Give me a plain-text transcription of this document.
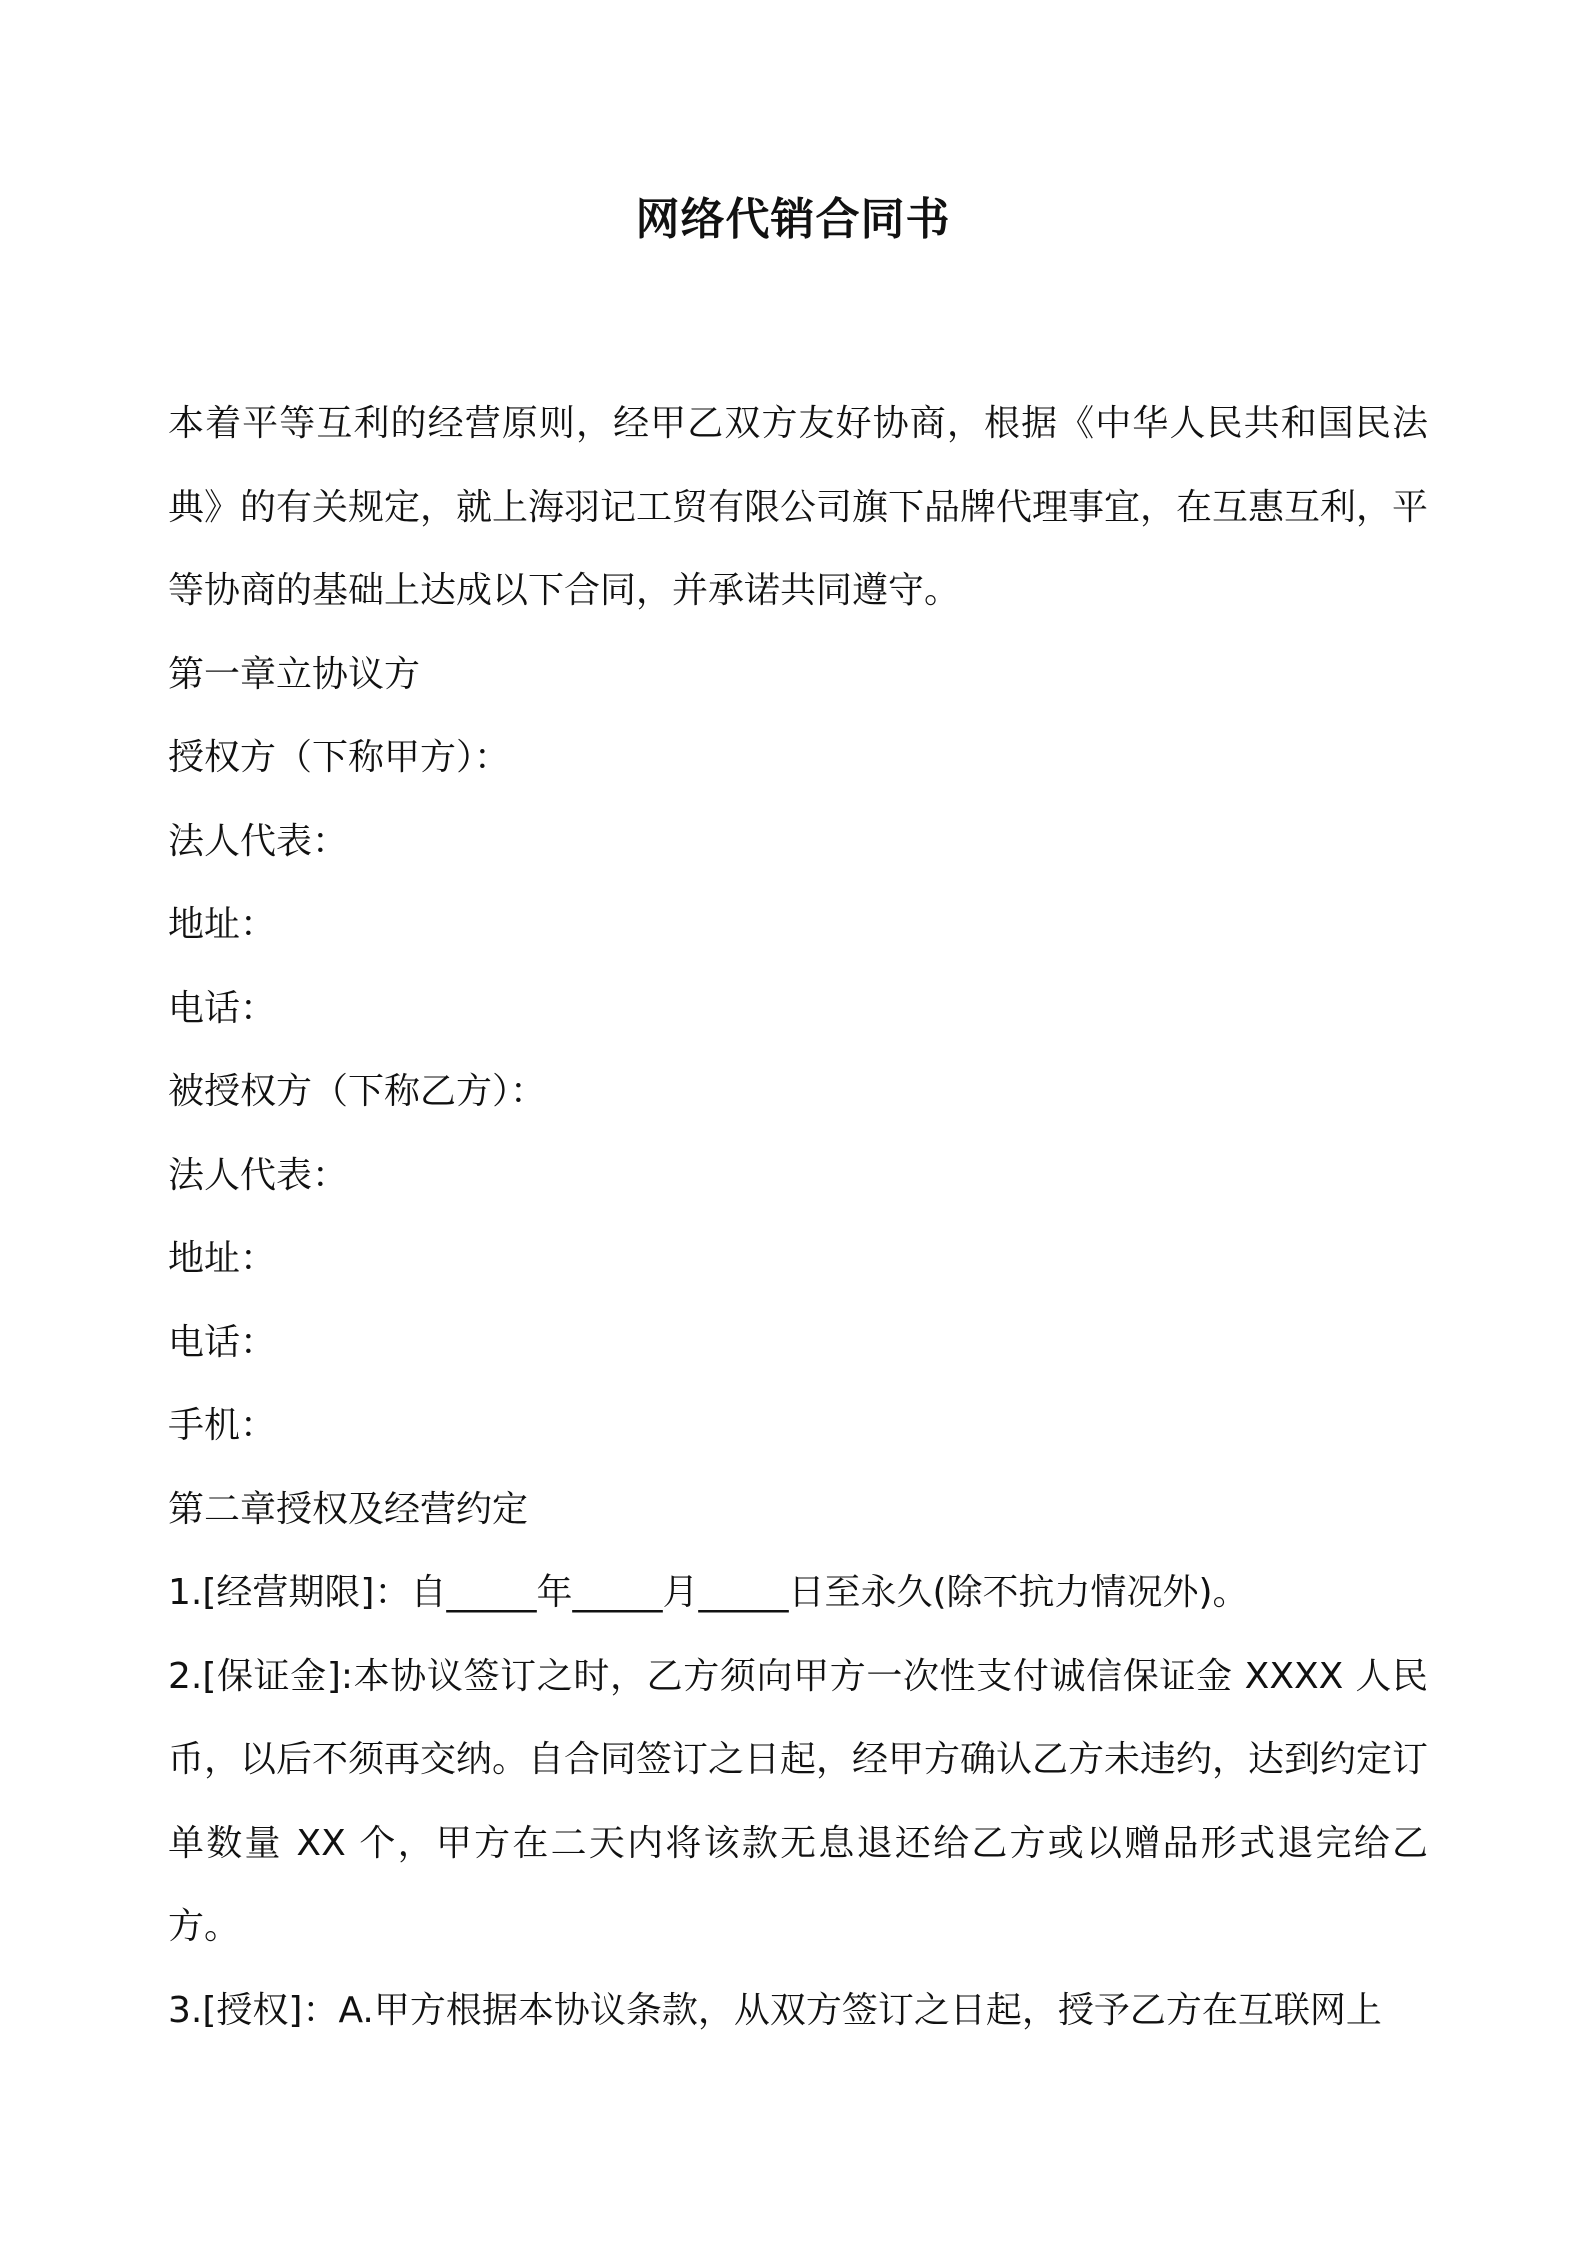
网络代销合同书

本着平等互利的经营原则，经甲乙双方友好协商，根据《中华人民共和国民法典》的有关规定，就上海羽记工贸有限公司旗下品牌代理事宜，在互惠互利，平等协商的基础上达成以下合同，并承诺共同遵守。

第一章立协议方

授权方（下称甲方）：

法人代表：

地址：

电话：

被授权方（下称乙方）：

法人代表：

地址：

电话：

手机：

第二章授权及经营约定

1.[经营期限]：自_____年_____月_____日至永久(除不抗力情况外)。

2.[保证金]:本协议签订之时，乙方须向甲方一次性支付诚信保证金 XXXX 人民币，以后不须再交纳。自合同签订之日起，经甲方确认乙方未违约，达到约定订单数量 XX 个，甲方在二天内将该款无息退还给乙方或以赠品形式退完给乙方。

3.[授权]：A.甲方根据本协议条款，从双方签订之日起，授予乙方在互联网上
